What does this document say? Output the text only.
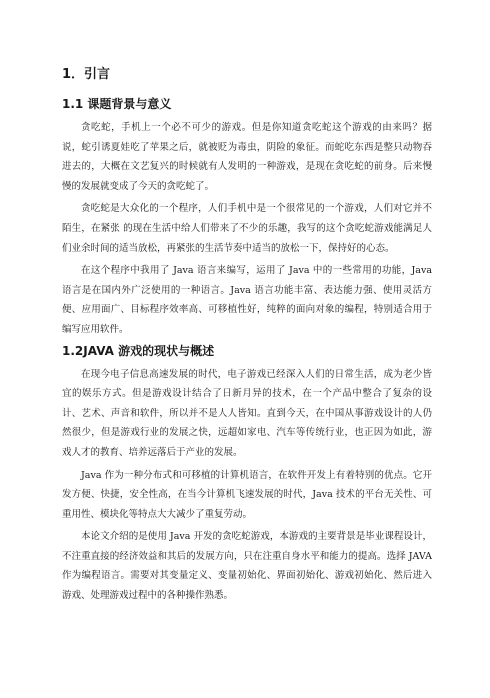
1．引言
1.1 课题背景与意义

贪吃蛇，手机上一个必不可少的游戏。但是你知道贪吃蛇这个游戏的由来吗？据说，蛇引诱夏娃吃了苹果之后，就被贬为毒虫，阴险的象征。而蛇吃东西是整只动物吞进去的，大概在文艺复兴的时候就有人发明的一种游戏，是现在贪吃蛇的前身。后来慢慢的发展就变成了今天的贪吃蛇了。

贪吃蛇是大众化的一个程序，人们手机中是一个很常见的一个游戏，人们对它并不陌生，在紧张 的现在生活中给人们带来了不少的乐趣，我写的这个贪吃蛇游戏能满足人们业余时间的适当放松，再紧张的生活节奏中适当的放松一下，保持好的心态。

在这个程序中我用了 Java 语言来编写，运用了 Java 中的一些常用的功能，Java 语言是在国内外广泛使用的一种语言。Java 语言功能丰富、表达能力强、使用灵活方便、应用面广、目标程序效率高、可移植性好，纯粹的面向对象的编程，特别适合用于编写应用软件。

1.2JAVA 游戏的现状与概述

在现今电子信息高速发展的时代，电子游戏已经深入人们的日常生活，成为老少皆宜的娱乐方式。但是游戏设计结合了日新月异的技术，在一个产品中整合了复杂的设计、艺术、声音和软件，所以并不是人人皆知。直到今天，在中国从事游戏设计的人仍然很少，但是游戏行业的发展之快，远超如家电、汽车等传统行业，也正因为如此，游戏人才的教育、培养远落后于产业的发展。

Java 作为一种分布式和可移植的计算机语言，在软件开发上有着特别的优点。它开发方便、快捷，安全性高，在当今计算机飞速发展的时代，Java 技术的平台无关性、可重用性、模块化等特点大大减少了重复劳动。

本论文介绍的是使用 Java 开发的贪吃蛇游戏，本游戏的主要背景是毕业课程设计，不注重直接的经济效益和其后的发展方向，只在注重自身水平和能力的提高。选择 JAVA 作为编程语言。需要对其变量定义、变量初始化、界面初始化、游戏初始化、然后进入游戏、处理游戏过程中的各种操作熟悉。
